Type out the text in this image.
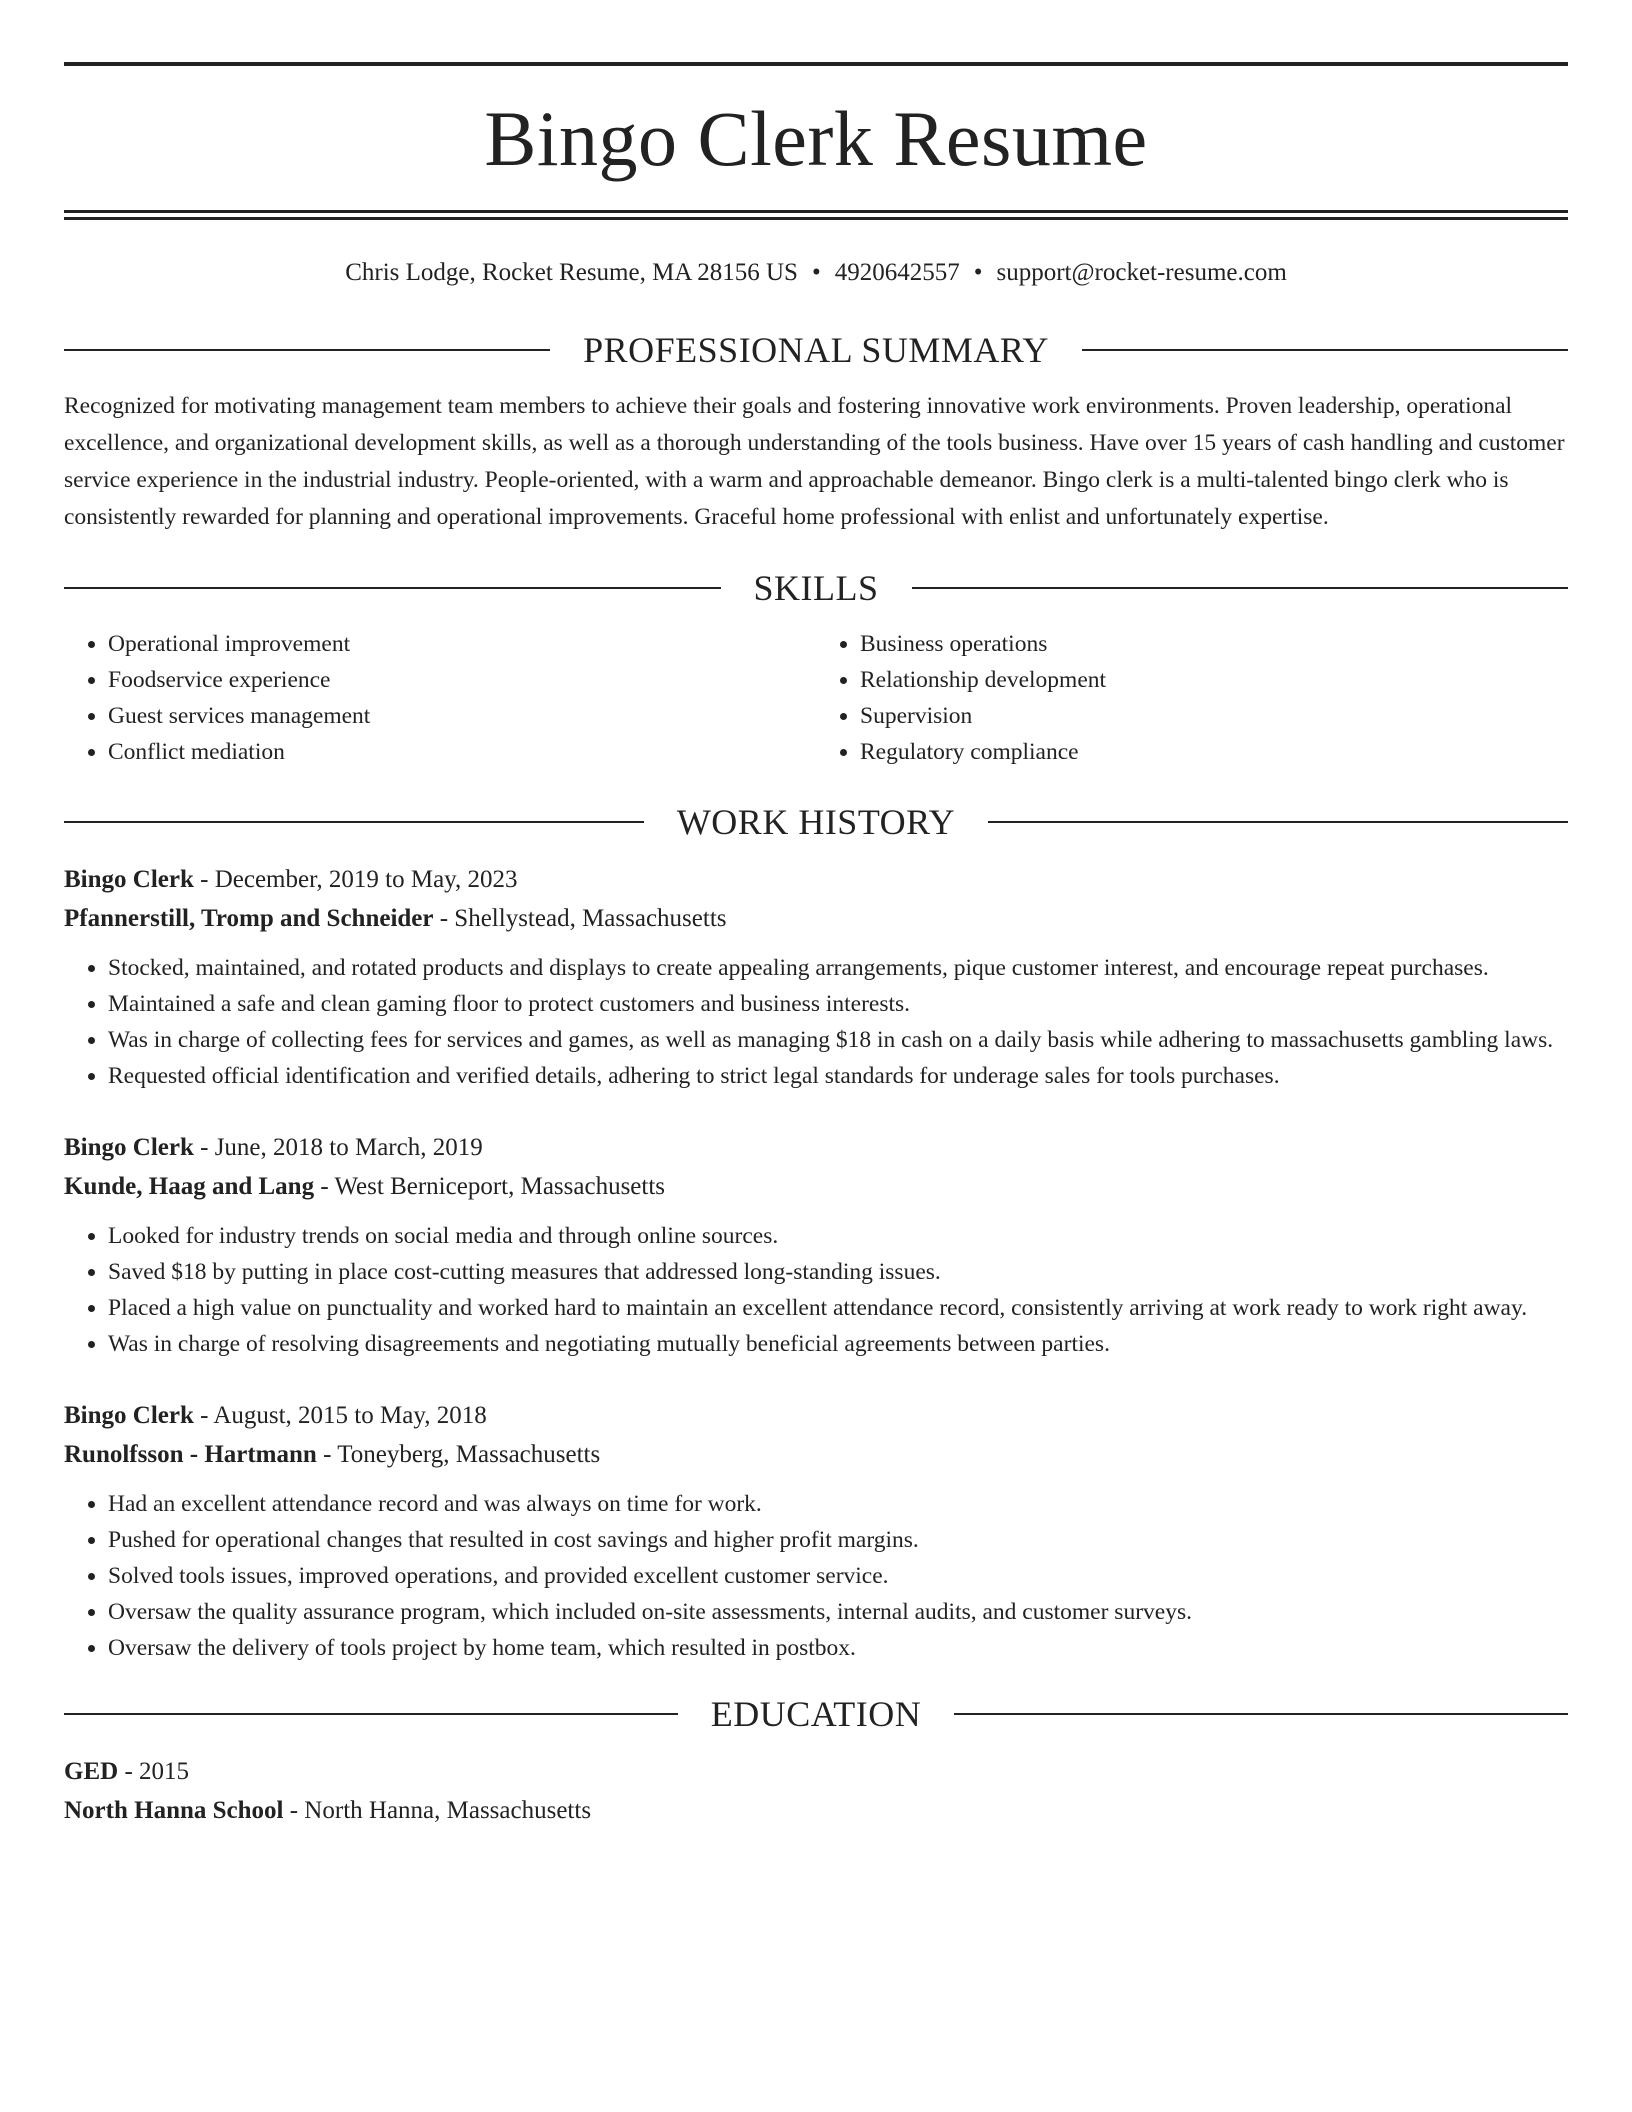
Bingo Clerk Resume
Chris Lodge, Rocket Resume, MA 28156 US • 4920642557 • support@rocket-resume.com
PROFESSIONAL SUMMARY
Recognized for motivating management team members to achieve their goals and fostering innovative work environments. Proven leadership, operational excellence, and organizational development skills, as well as a thorough understanding of the tools business. Have over 15 years of cash handling and customer service experience in the industrial industry. People-oriented, with a warm and approachable demeanor. Bingo clerk is a multi-talented bingo clerk who is consistently rewarded for planning and operational improvements. Graceful home professional with enlist and unfortunately expertise.
SKILLS
• Operational improvement
• Foodservice experience
• Guest services management
• Conflict mediation
• Business operations
• Relationship development
• Supervision
• Regulatory compliance
WORK HISTORY
Bingo Clerk - December, 2019 to May, 2023
Pfannerstill, Tromp and Schneider - Shellystead, Massachusetts
• Stocked, maintained, and rotated products and displays to create appealing arrangements, pique customer interest, and encourage repeat purchases.
• Maintained a safe and clean gaming floor to protect customers and business interests.
• Was in charge of collecting fees for services and games, as well as managing $18 in cash on a daily basis while adhering to massachusetts gambling laws.
• Requested official identification and verified details, adhering to strict legal standards for underage sales for tools purchases.
Bingo Clerk - June, 2018 to March, 2019
Kunde, Haag and Lang - West Berniceport, Massachusetts
• Looked for industry trends on social media and through online sources.
• Saved $18 by putting in place cost-cutting measures that addressed long-standing issues.
• Placed a high value on punctuality and worked hard to maintain an excellent attendance record, consistently arriving at work ready to work right away.
• Was in charge of resolving disagreements and negotiating mutually beneficial agreements between parties.
Bingo Clerk - August, 2015 to May, 2018
Runolfsson - Hartmann - Toneyberg, Massachusetts
• Had an excellent attendance record and was always on time for work.
• Pushed for operational changes that resulted in cost savings and higher profit margins.
• Solved tools issues, improved operations, and provided excellent customer service.
• Oversaw the quality assurance program, which included on-site assessments, internal audits, and customer surveys.
• Oversaw the delivery of tools project by home team, which resulted in postbox.
EDUCATION
GED - 2015
North Hanna School - North Hanna, Massachusetts
